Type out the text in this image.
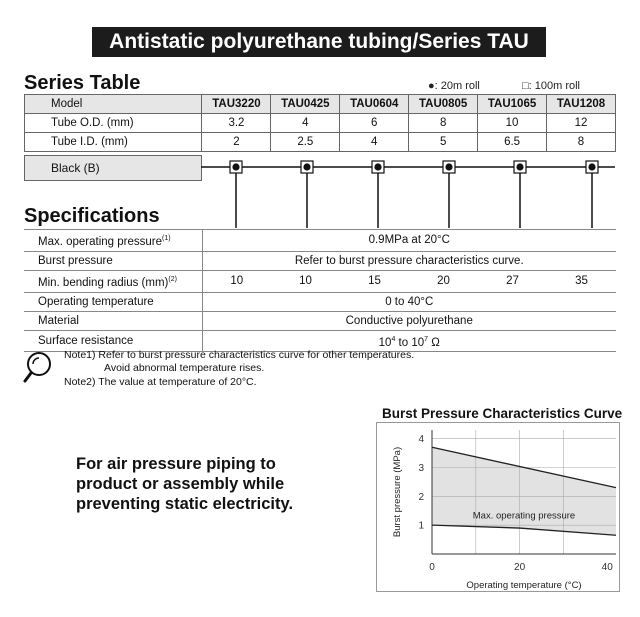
Antistatic polyurethane tubing/Series TAU
Series Table	●: 20m roll	□: 100m roll
Model	TAU3220	TAU0425	TAU0604	TAU0805	TAU1065	TAU1208
Tube O.D. (mm)	3.2	4	6	8	10	12
Tube I.D. (mm)	2	2.5	4	5	6.5	8
Black (B)
Specifications
Max. operating pressure$^{(1)}$	0.9MPa at 20°C					
Burst pressure	Refer to burst pressure characteristics curve.					
Min. bending radius (mm)$^{(2)}$	10	10	15	20	27	35
Operating temperature	0 to 40°C					
Material	Conductive polyurethane					
Surface resistance	$10^4$ to $10^7$ Ω					
Note1) Refer to burst pressure characteristics curve for other temperatures.
Avoid abnormal temperature rises.
Note2) The value at temperature of 20°C.
For air pressure piping to
product or assembly while
preventing static electricity.
Burst Pressure Characteristics Curve
1
2
3
4
0	20	40
Max. operating pressure
Operating temperature (°C)
Burst pressure (MPa)
